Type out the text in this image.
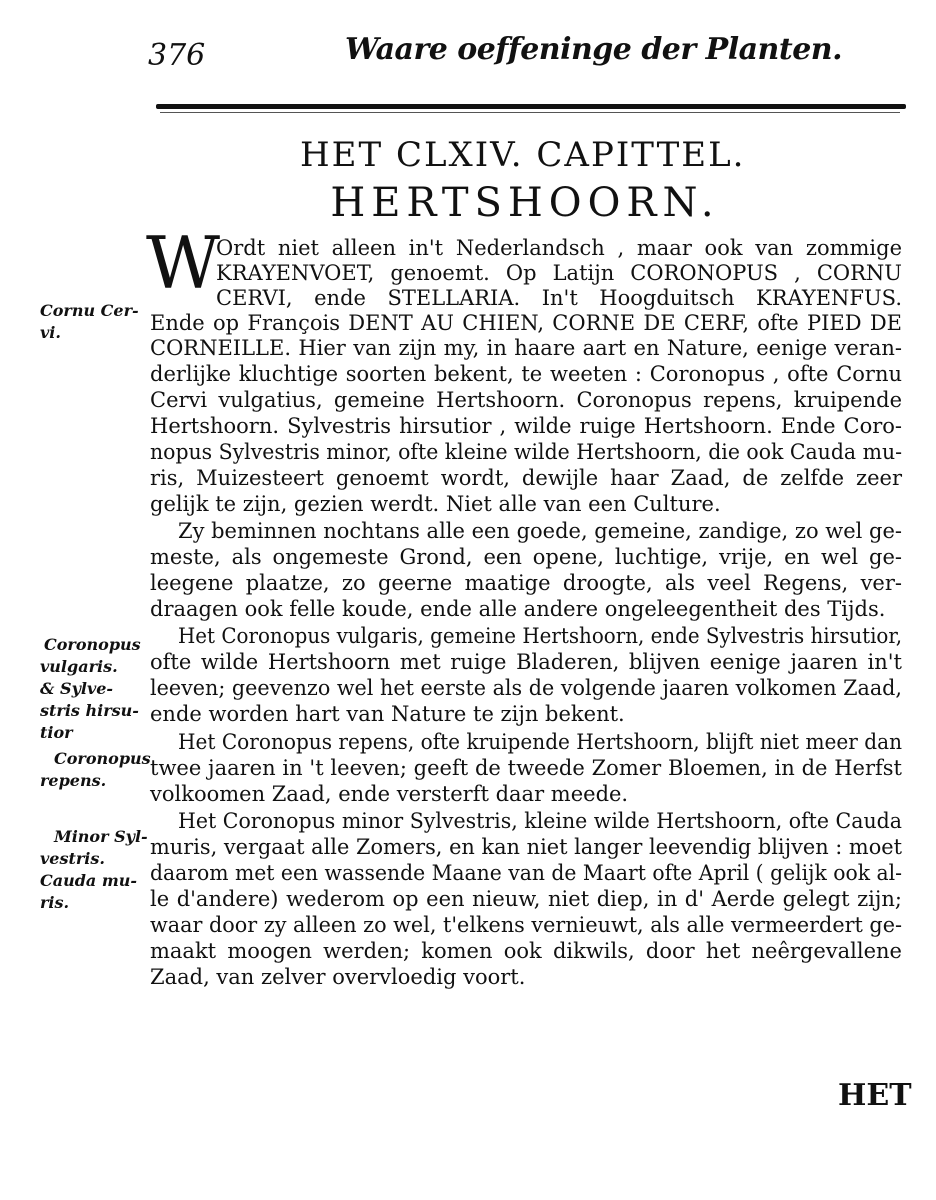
376	Waare oeffeninge der Planten.
HET CLXIV. CAPITTEL.
HERTSHOORN.
W
Ordt niet alleen in't Nederlandsch , maar ook van zommige
KRAYENVOET, genoemt. Op Latijn CORONOPUS , CORNU
CERVI, ende STELLARIA. In't Hoogduitsch KRAYENFUS.
Ende op François DENT AU CHIEN, CORNE DE CERF, ofte PIED DE
CORNEILLE. Hier van zijn my, in haare aart en Nature, eenige veran-
derlijke kluchtige soorten bekent, te weeten : Coronopus , ofte Cornu
Cervi vulgatius, gemeine Hertshoorn. Coronopus repens, kruipende
Hertshoorn. Sylvestris hirsutior , wilde ruige Hertshoorn. Ende Coro-
nopus Sylvestris minor, ofte kleine wilde Hertshoorn, die ook Cauda mu-
ris, Muizesteert genoemt wordt, dewijle haar Zaad, de zelfde zeer
gelijk te zijn, gezien werdt. Niet alle van een Culture.
Zy beminnen nochtans alle een goede, gemeine, zandige, zo wel ge-
meste, als ongemeste Grond, een opene, luchtige, vrije, en wel ge-
leegene plaatze, zo geerne maatige droogte, als veel Regens, ver-
draagen ook felle koude, ende alle andere ongeleegentheit des Tijds.
Het Coronopus vulgaris, gemeine Hertshoorn, ende Sylvestris hirsutior,
ofte wilde Hertshoorn met ruige Bladeren, blijven eenige jaaren in't
leeven; geevenzo wel het eerste als de volgende jaaren volkomen Zaad,
ende worden hart van Nature te zijn bekent.
Het Coronopus repens, ofte kruipende Hertshoorn, blijft niet meer dan
twee jaaren in 't leeven; geeft de tweede Zomer Bloemen, in de Herfst
volkoomen Zaad, ende versterft daar meede.
Het Coronopus minor Sylvestris, kleine wilde Hertshoorn, ofte Cauda
muris, vergaat alle Zomers, en kan niet langer leevendig blijven : moet
daarom met een wassende Maane van de Maart ofte April ( gelijk ook al-
le d'andere) wederom op een nieuw, niet diep, in d' Aerde gelegt zijn;
waar door zy alleen zo wel, t'elkens vernieuwt, als alle vermeerdert ge-
maakt moogen werden; komen ook dikwils, door het neêrgevallene
Zaad, van zelver overvloedig voort.
Cornu Cer-
vi.
Coronopus
vulgaris.
& Sylve-
stris hirsu-
tior
Coronopus
repens.
Minor Syl-
vestris.
Cauda mu-
ris.
HET
